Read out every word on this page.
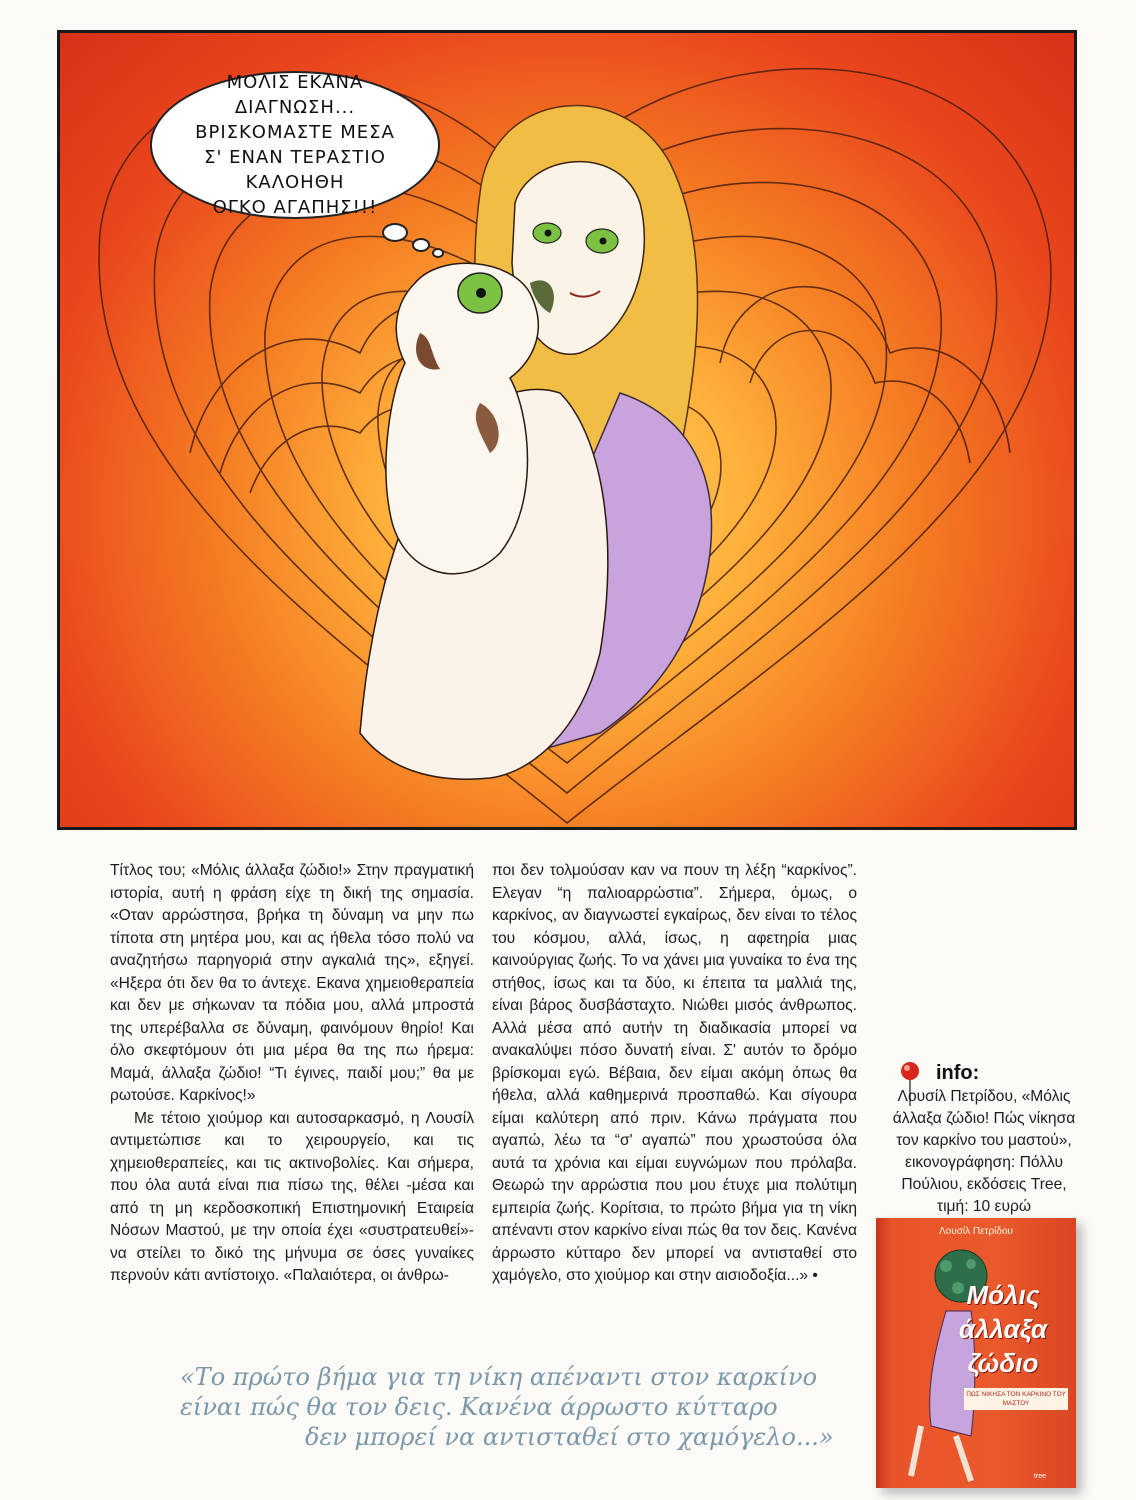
ΜΟΛΙΣ ΕΚΑΝΑ ΔΙΑΓΝΩΣΗ...
ΒΡΙΣΚΟΜΑΣΤΕ ΜΕΣΑ
Σ' ΕΝΑΝ ΤΕΡΑΣΤΙΟ ΚΑΛΟΗΘΗ
ΟΓΚΟ ΑΓΑΠΗΣ!!!

Τίτλος του; «Μόλις άλλαξα ζώδιο!» Στην πραγματική ιστορία, αυτή η φράση είχε τη δική της σημασία. «Οταν αρρώστησα, βρήκα τη δύναμη να μην πω τίποτα στη μητέρα μου, και ας ήθελα τόσο πολύ να αναζητήσω παρηγοριά στην αγκαλιά της», εξηγεί. «Ηξερα ότι δεν θα το άντεχε. Εκανα χημειοθεραπεία και δεν με σήκωναν τα πόδια μου, αλλά μπροστά της υπερέβαλλα σε δύναμη, φαινόμουν θηρίο! Και όλο σκεφτόμουν ότι μια μέρα θα της πω ήρεμα: Μαμά, άλλαξα ζώδιο! “Τι έγινες, παιδί μου;” θα με ρωτούσε. Καρκίνος!»

Με τέτοιο χιούμορ και αυτοσαρκασμό, η Λουσίλ αντιμετώπισε και το χειρουργείο, και τις χημειοθεραπείες, και τις ακτινοβολίες. Και σήμερα, που όλα αυτά είναι πια πίσω της, θέλει -μέσα και από τη μη κερδοσκοπική Επιστημονική Εταιρεία Νόσων Μαστού, με την οποία έχει «συστρατευθεί»- να στείλει το δικό της μήνυμα σε όσες γυναίκες περνούν κάτι αντίστοιχο. «Παλαιότερα, οι άνθρω-

ποι δεν τολμούσαν καν να πουν τη λέξη “καρκίνος”. Ελεγαν “η παλιοαρρώστια”. Σήμερα, όμως, ο καρκίνος, αν διαγνωστεί εγκαίρως, δεν είναι το τέλος του κόσμου, αλλά, ίσως, η αφετηρία μιας καινούργιας ζωής. Το να χάνει μια γυναίκα το ένα της στήθος, ίσως και τα δύο, κι έπειτα τα μαλλιά της, είναι βάρος δυσβάσταχτο. Νιώθει μισός άνθρωπος. Αλλά μέσα από αυτήν τη διαδικασία μπορεί να ανακαλύψει πόσο δυνατή είναι. Σ' αυτόν το δρόμο βρίσκομαι εγώ. Βέβαια, δεν είμαι ακόμη όπως θα ήθελα, αλλά καθημερινά προσπαθώ. Και σίγουρα είμαι καλύτερη από πριν. Κάνω πράγματα που αγαπώ, λέω τα “σ' αγαπώ” που χρωστούσα όλα αυτά τα χρόνια και είμαι ευγνώμων που πρόλαβα. Θεωρώ την αρρώστια που μου έτυχε μια πολύτιμη εμπειρία ζωής. Κορίτσια, το πρώτο βήμα για τη νίκη απέναντι στον καρκίνο είναι πώς θα τον δεις. Κανένα άρρωστο κύτταρο δεν μπορεί να αντισταθεί στο χαμόγελο, στο χιούμορ και στην αισιοδοξία...» •

info:
Λουσίλ Πετρίδου, «Μόλις άλλαξα ζώδιο! Πώς νίκησα τον καρκίνο του μαστού», εικονογράφηση: Πόλλυ Πούλιου, εκδόσεις Tree, τιμή: 10 ευρώ
Λουσίλ Πετρίδου
Μόλις
άλλαξα
ζώδιο
ΠΩΣ ΝΙΚΗΣΑ ΤΟΝ ΚΑΡΚΙΝΟ ΤΟΥ ΜΑΣΤΟΥ
tree
«Το πρώτο βήμα για τη νίκη απέναντι στον καρκίνο
είναι πώς θα τον δεις. Κανένα άρρωστο κύτταρο
δεν μπορεί να αντισταθεί στο χαμόγελο...»
